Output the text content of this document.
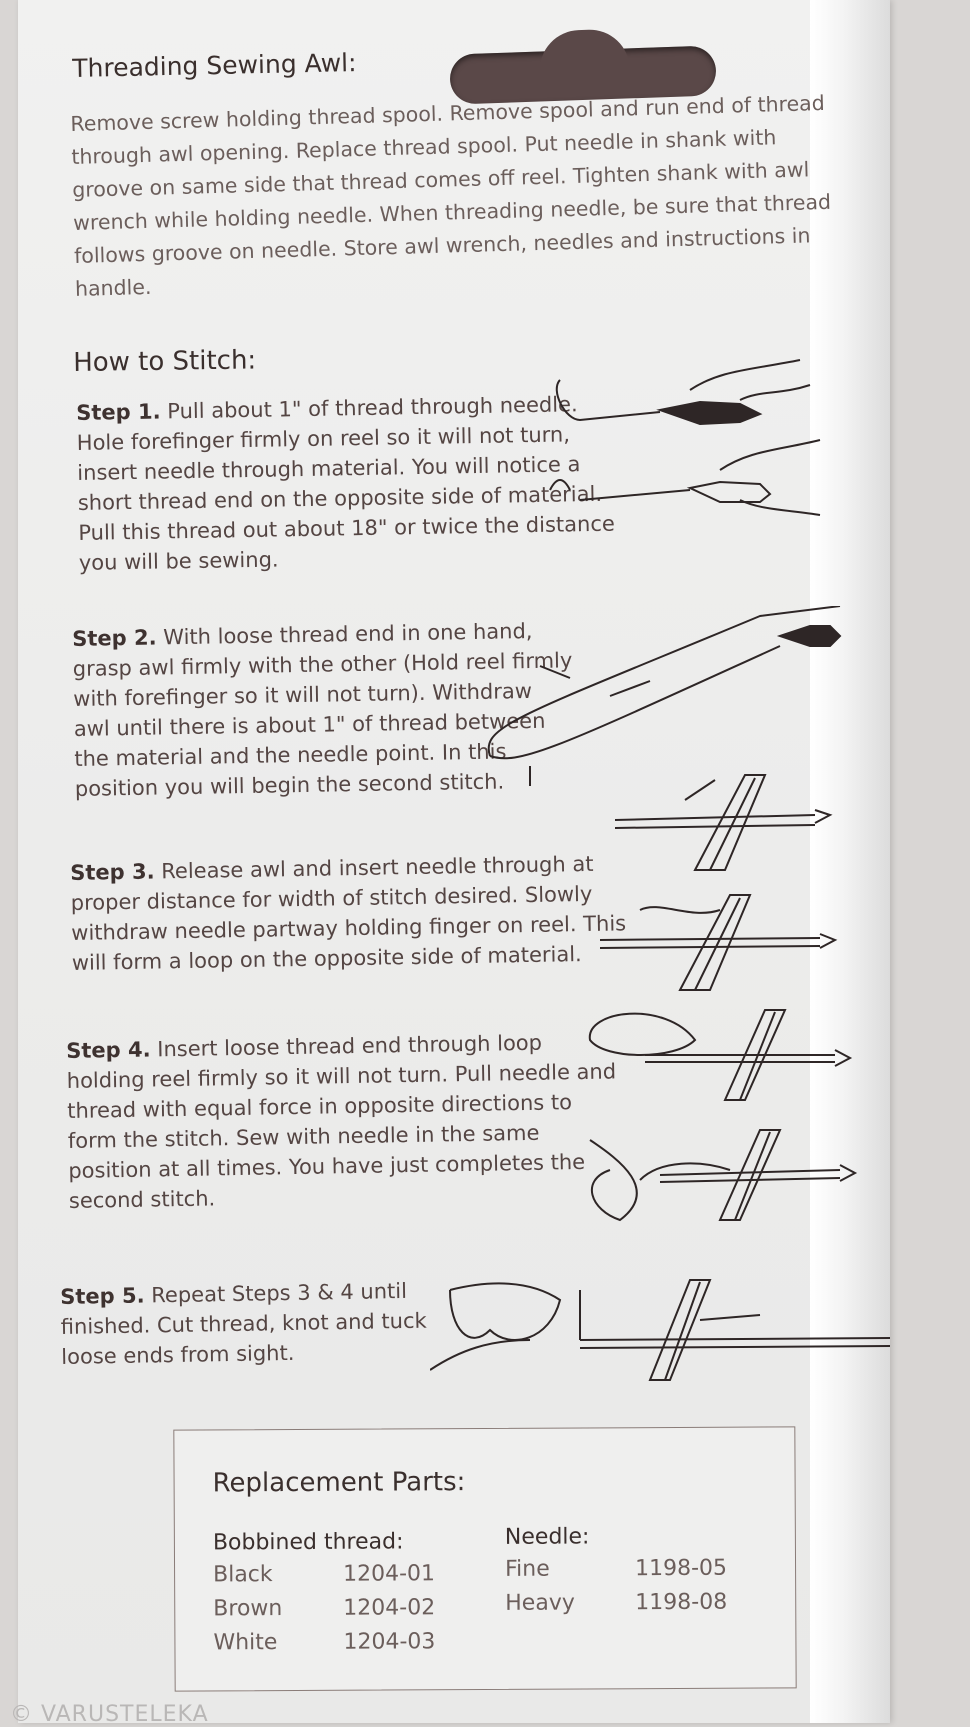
Threading Sewing Awl:
Remove screw holding thread spool. Remove spool and run end of thread through awl opening. Replace thread spool. Put needle in shank with groove on same side that thread comes off reel. Tighten shank with awl wrench while holding needle. When threading needle, be sure that thread follows groove on needle. Store awl wrench, needles and instructions in handle.
How to Stitch:
Step 1. Pull about 1" of thread through needle. Hole forefinger firmly on reel so it will not turn, insert needle through material. You will notice a short thread end on the opposite side of material. Pull this thread out about 18" or twice the distance you will be sewing.
Step 2. With loose thread end in one hand, grasp awl firmly with the other (Hold reel firmly with forefinger so it will not turn). Withdraw awl until there is about 1" of thread between the material and the needle point. In this position you will begin the second stitch.
Step 3. Release awl and insert needle through at proper distance for width of stitch desired. Slowly withdraw needle partway holding finger on reel. This will form a loop on the opposite side of material.
Step 4. Insert loose thread end through loop holding reel firmly so it will not turn. Pull needle and thread with equal force in opposite directions to form the stitch. Sew with needle in the same position at all times. You have just completes the second stitch.
Step 5. Repeat Steps 3 & 4 until finished. Cut thread, knot and tuck loose ends from sight.
Replacement Parts:
Bobbined thread:	Needle:
Black	1204-01
Brown	1204-02
White	1204-03
Fine	1198-05
Heavy	1198-08
© VARUSTELEKA
